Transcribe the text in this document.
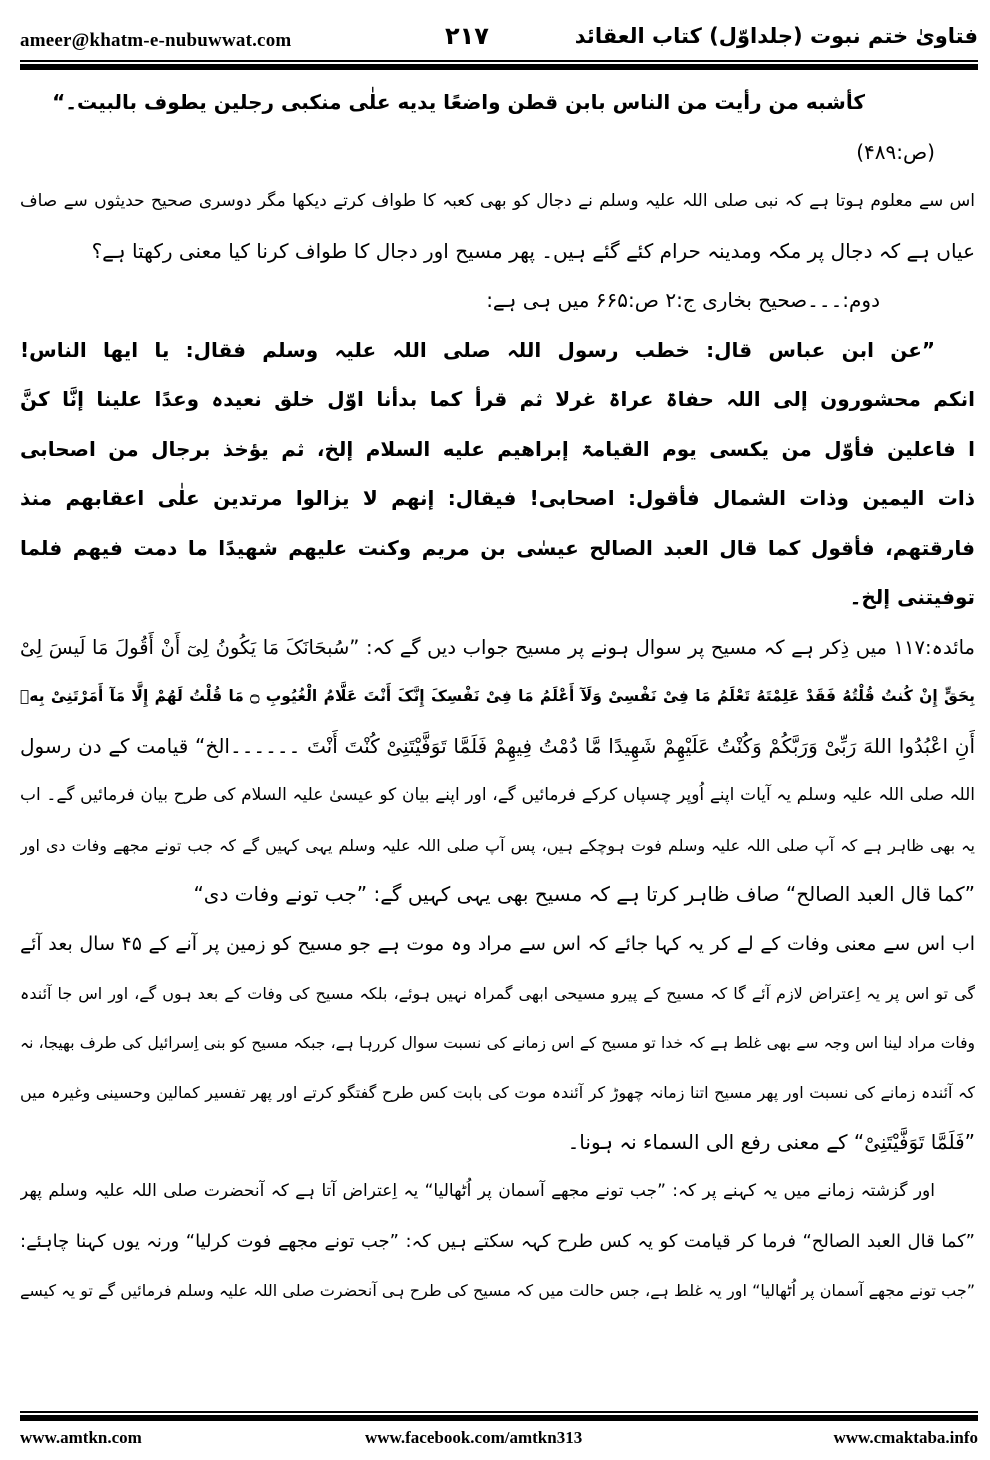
ameer@khatm-e-nubuwwat.com	۲۱۷	فتاویٰ ختم نبوت (جلداوّل) کتاب العقائد
کأشبه من رأیت من الناس بابن قطن واضعًا یدیه علٰی منکبی رجلین یطوف بالبیت۔“
(ص:۴۸۹)
اس سے معلوم ہوتا ہے کہ نبی صلی اللہ علیہ وسلم نے دجال کو بھی کعبہ کا طواف کرتے دیکھا مگر دوسری صحیح حدیثوں سے صاف
عیاں ہے کہ دجال پر مکہ ومدینہ حرام کئے گئے ہیں۔ پھر مسیح اور دجال کا طواف کرنا کیا معنی رکھتا ہے؟
دوم:۔۔۔صحیح بخاری ج:۲ ص:۶۶۵ میں ہی ہے:
”عن ابن عباس قال: خطب رسول اللہ صلی اللہ علیہ وسلم فقال: یا ایها الناس!
انکم محشورون إلی اللہ حفاۃ عراۃ غرلا ثم قرأ کما بدأنا اوّل خلق نعیدہ وعدًا علینا إنَّا کنَّ
ا فاعلین فأوّل من یکسی یوم القیامۃ إبراهیم علیه السلام إلخ، ثم یؤخذ برجال من اصحابی
ذات الیمین وذات الشمال فأقول: اصحابی! فیقال: إنهم لا یزالوا مرتدین علٰی اعقابهم منذ
فارقتهم، فأقول کما قال العبد الصالح عیسٰی بن مریم وکنت علیهم شهیدًا ما دمت فیهم فلما
توفیتنی إلخ۔
مائدہ:۱۱۷ میں ذِکر ہے کہ مسیح پر سوال ہونے پر مسیح جواب دیں گے کہ: ”سُبحَانَکَ مَا یَکُونُ لِیٓ أَنْ أَقُولَ مَا لَیسَ لِیْ
بِحَقٍّ إِنْ کُنتُ قُلْتُهُ فَقَدْ عَلِمْتَهُ تَعْلَمُ مَا فِیْ نَفْسِیْ وَلَآ أَعْلَمُ مَا فِیْ نَفْسِکَ إِنَّکَ أَنْتَ عَلَّامُ الْغُیُوبِ ۝ مَا قُلْتُ لَهُمْ إِلَّا مَآ أَمَرْتَنِیْ بِهٖ
أَنِ اعْبُدُوا اللهَ رَبِّیْ وَرَبَّکُمْ وَکُنْتُ عَلَیْهِمْ شَهِیدًا مَّا دُمْتُ فِیهِمْ فَلَمَّا تَوَفَّیْتَنِیْ کُنْتَ أَنْتَ ۔۔۔۔۔۔الخ“ قیامت کے دن رسول
اللہ صلی اللہ علیہ وسلم یہ آیات اپنے اُوپر چسپاں کرکے فرمائیں گے، اور اپنے بیان کو عیسیٰ علیہ السلام کی طرح بیان فرمائیں گے۔ اب
یہ بھی ظاہر ہے کہ آپ صلی اللہ علیہ وسلم فوت ہوچکے ہیں، پس آپ صلی اللہ علیہ وسلم یہی کہیں گے کہ جب تونے مجھے وفات دی اور
”کما قال العبد الصالح“ صاف ظاہر کرتا ہے کہ مسیح بھی یہی کہیں گے: ”جب تونے وفات دی“
اب اس سے معنی وفات کے لے کر یہ کہا جائے کہ اس سے مراد وہ موت ہے جو مسیح کو زمین پر آنے کے ۴۵ سال بعد آئے
گی تو اس پر یہ اِعتراض لازم آئے گا کہ مسیح کے پیرو مسیحی ابھی گمراہ نہیں ہوئے، بلکہ مسیح کی وفات کے بعد ہوں گے، اور اس جا آئندہ
وفات مراد لینا اس وجہ سے بھی غلط ہے کہ خدا تو مسیح کے اس زمانے کی نسبت سوال کررہا ہے، جبکہ مسیح کو بنی اِسرائیل کی طرف بھیجا، نہ
کہ آئندہ زمانے کی نسبت اور پھر مسیح اتنا زمانہ چھوڑ کر آئندہ موت کی بابت کس طرح گفتگو کرتے اور پھر تفسیر کمالین وحسینی وغیرہ میں
”فَلَمَّا تَوَفَّیْتَنِیْ“ کے معنی رفع الی السماء نہ ہونا۔
اور گزشتہ زمانے میں یہ کہنے پر کہ: ”جب تونے مجھے آسمان پر اُٹھالیا“ یہ اِعتراض آتا ہے کہ آنحضرت صلی اللہ علیہ وسلم پھر
”کما قال العبد الصالح“ فرما کر قیامت کو یہ کس طرح کہہ سکتے ہیں کہ: ”جب تونے مجھے فوت کرلیا“ ورنہ یوں کہنا چاہئے:
”جب تونے مجھے آسمان پر اُٹھالیا“ اور یہ غلط ہے، جس حالت میں کہ مسیح کی طرح ہی آنحضرت صلی اللہ علیہ وسلم فرمائیں گے تو یہ کیسے
www.amtkn.com	www.facebook.com/amtkn313	www.cmaktaba.info
